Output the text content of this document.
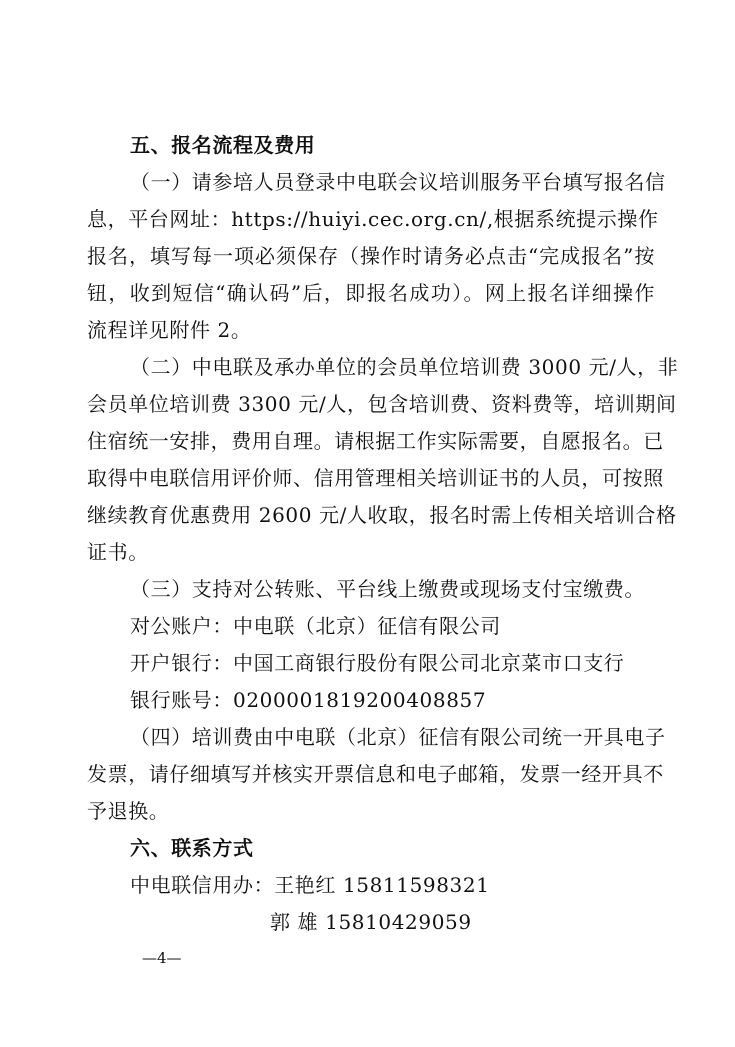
五、报名流程及费用
（一）请参培人员登录中电联会议培训服务平台填写报名信
息，平台网址：https://huiyi.cec.org.cn/,根据系统提示操作
报名，填写每一项必须保存（操作时请务必点击“完成报名”按
钮，收到短信“确认码”后，即报名成功）。网上报名详细操作
流程详见附件 2。
（二）中电联及承办单位的会员单位培训费 3000 元/人，非
会员单位培训费 3300 元/人，包含培训费、资料费等，培训期间
住宿统一安排，费用自理。请根据工作实际需要，自愿报名。已
取得中电联信用评价师、信用管理相关培训证书的人员，可按照
继续教育优惠费用 2600 元/人收取，报名时需上传相关培训合格
证书。
（三）支持对公转账、平台线上缴费或现场支付宝缴费。
对公账户：中电联（北京）征信有限公司
开户银行：中国工商银行股份有限公司北京菜市口支行
银行账号：0200001819200408857
（四）培训费由中电联（北京）征信有限公司统一开具电子
发票，请仔细填写并核实开票信息和电子邮箱，发票一经开具不
予退换。
六、联系方式
中电联信用办：王艳红 15811598321
郭 雄 15810429059
—4—
